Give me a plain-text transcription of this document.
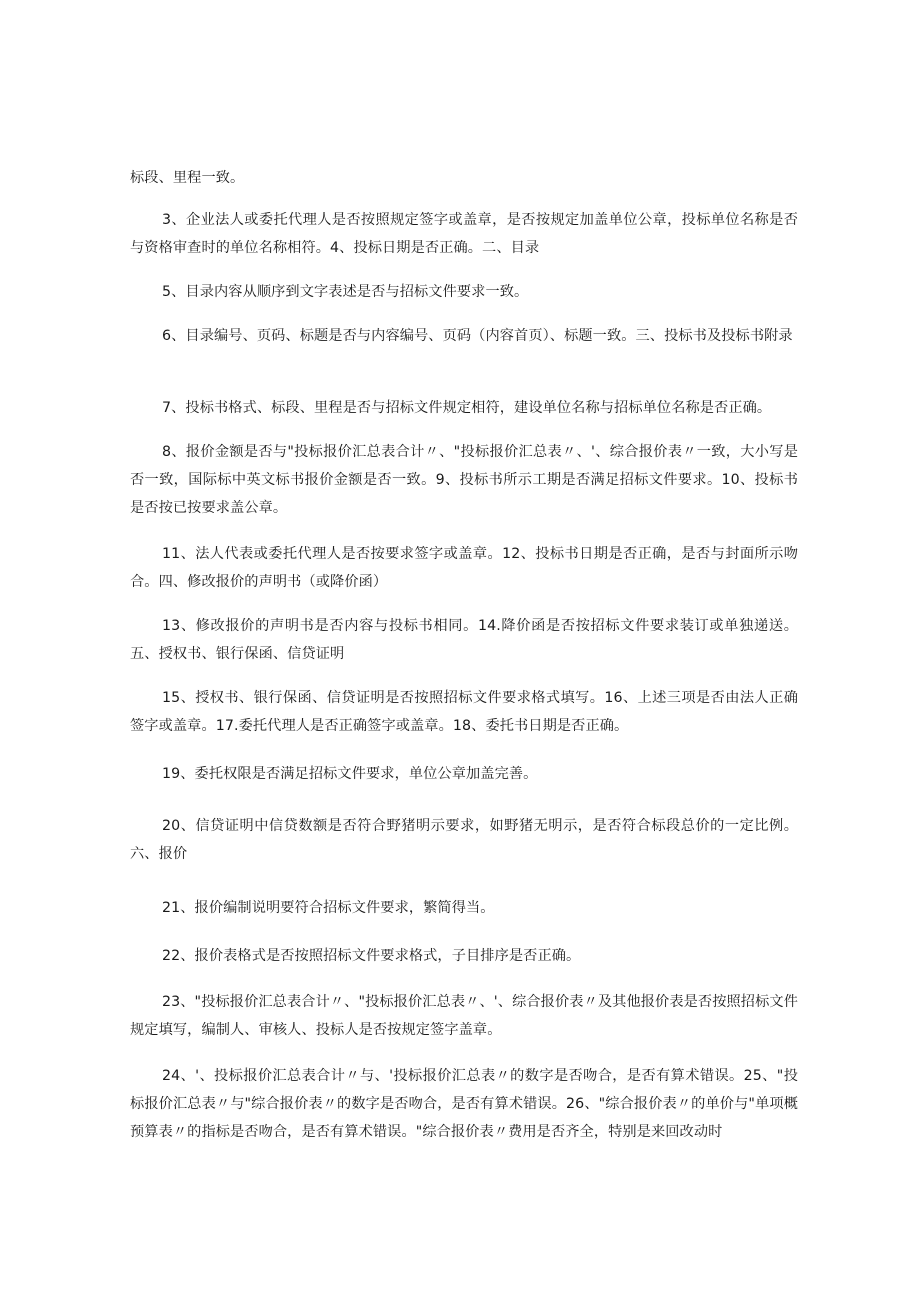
标段、里程一致。

3、企业法人或委托代理人是否按照规定签字或盖章，是否按规定加盖单位公章，投标单位名称是否与资格审查时的单位名称相符。4、投标日期是否正确。二、目录

5、目录内容从顺序到文字表述是否与招标文件要求一致。

6、目录编号、页码、标题是否与内容编号、页码（内容首页）、标题一致。三、投标书及投标书附录

7、投标书格式、标段、里程是否与招标文件规定相符，建设单位名称与招标单位名称是否正确。

8、报价金额是否与"投标报价汇总表合计〃、"投标报价汇总表〃、'、综合报价表〃一致，大小写是否一致，国际标中英文标书报价金额是否一致。9、投标书所示工期是否满足招标文件要求。10、投标书是否按已按要求盖公章。

11、法人代表或委托代理人是否按要求签字或盖章。12、投标书日期是否正确，是否与封面所示吻合。四、修改报价的声明书（或降价函）

13、修改报价的声明书是否内容与投标书相同。14.降价函是否按招标文件要求装订或单独递送。五、授权书、银行保函、信贷证明

15、授权书、银行保函、信贷证明是否按照招标文件要求格式填写。16、上述三项是否由法人正确签字或盖章。17.委托代理人是否正确签字或盖章。18、委托书日期是否正确。

19、委托权限是否满足招标文件要求，单位公章加盖完善。

20、信贷证明中信贷数额是否符合野猪明示要求，如野猪无明示，是否符合标段总价的一定比例。六、报价

21、报价编制说明要符合招标文件要求，繁简得当。

22、报价表格式是否按照招标文件要求格式，子目排序是否正确。

23、"投标报价汇总表合计〃、"投标报价汇总表〃、'、综合报价表〃及其他报价表是否按照招标文件规定填写，编制人、审核人、投标人是否按规定签字盖章。

24、'、投标报价汇总表合计〃与、'投标报价汇总表〃的数字是否吻合，是否有算术错误。25、"投标报价汇总表〃与"综合报价表〃的数字是否吻合，是否有算术错误。26、"综合报价表〃的单价与"单项概预算表〃的指标是否吻合，是否有算术错误。"综合报价表〃费用是否齐全，特别是来回改动时
